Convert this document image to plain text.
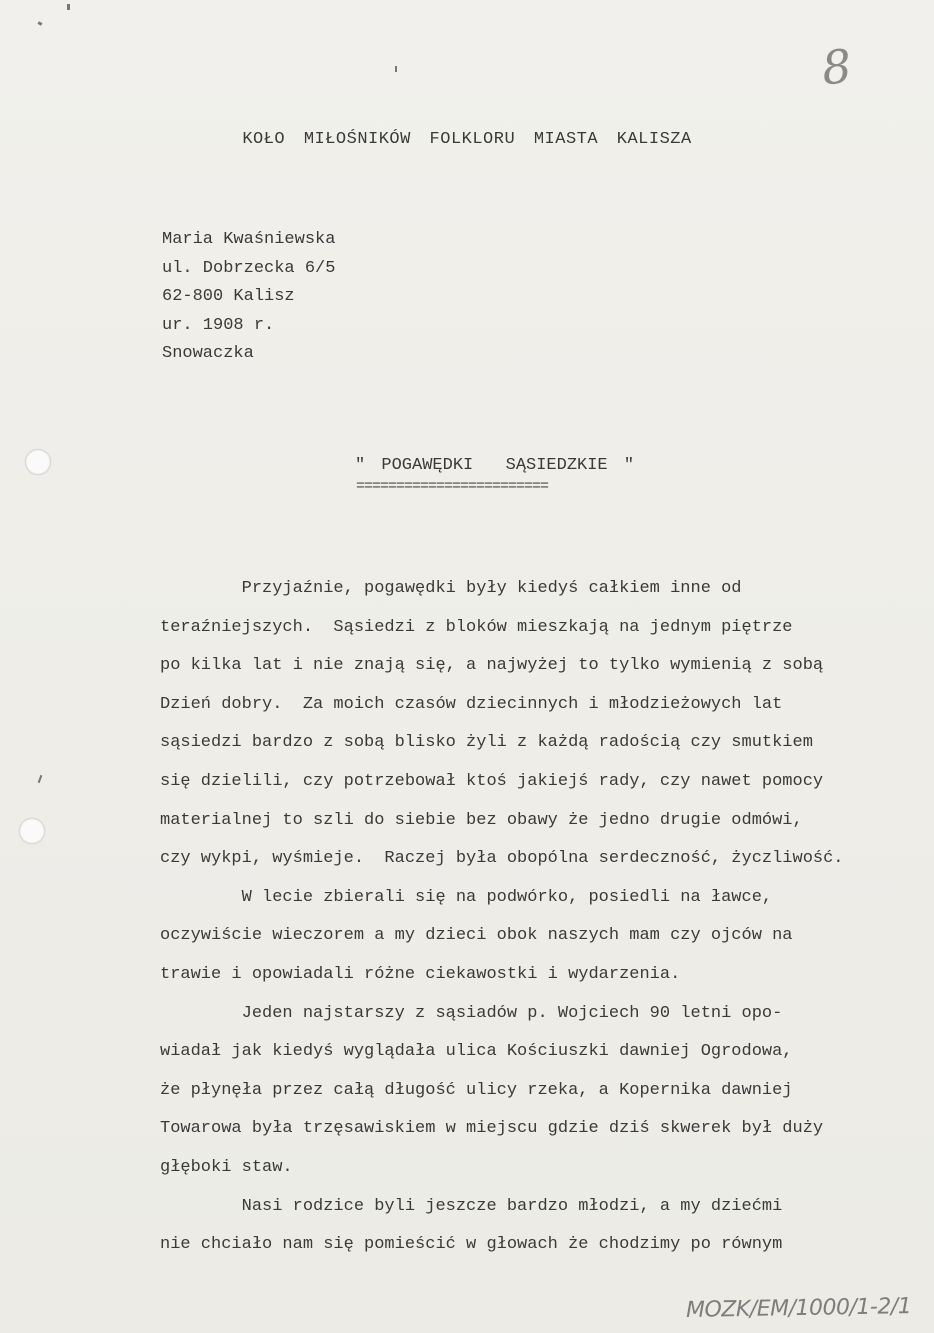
8
KOŁO MIŁOŚNIKÓW FOLKLORU MIASTA KALISZA
Maria Kwaśniewska
ul. Dobrzecka 6/5
62-800 Kalisz
ur. 1908 r.
Snowaczka
" POGAWĘDKI  SĄSIEDZKIE "
========================
Przyjaźnie, pogawędki były kiedyś całkiem inne od
teraźniejszych.  Sąsiedzi z bloków mieszkają na jednym piętrze
po kilka lat i nie znają się, a najwyżej to tylko wymienią z sobą
Dzień dobry.  Za moich czasów dziecinnych i młodzieżowych lat
sąsiedzi bardzo z sobą blisko żyli z każdą radością czy smutkiem
się dzielili, czy potrzebował ktoś jakiejś rady, czy nawet pomocy
materialnej to szli do siebie bez obawy że jedno drugie odmówi,
czy wykpi, wyśmieje.  Raczej była obopólna serdeczność, życzliwość.
W lecie zbierali się na podwórko, posiedli na ławce,
oczywiście wieczorem a my dzieci obok naszych mam czy ojców na
trawie i opowiadali różne ciekawostki i wydarzenia.
Jeden najstarszy z sąsiadów p. Wojciech 90 letni opo-
wiadał jak kiedyś wyglądała ulica Kościuszki dawniej Ogrodowa,
że płynęła przez całą długość ulicy rzeka, a Kopernika dawniej
Towarowa była trzęsawiskiem w miejscu gdzie dziś skwerek był duży
głęboki staw.
Nasi rodzice byli jeszcze bardzo młodzi, a my dziećmi
nie chciało nam się pomieścić w głowach że chodzimy po równym
MOZK/EM/1000/1-2/1
